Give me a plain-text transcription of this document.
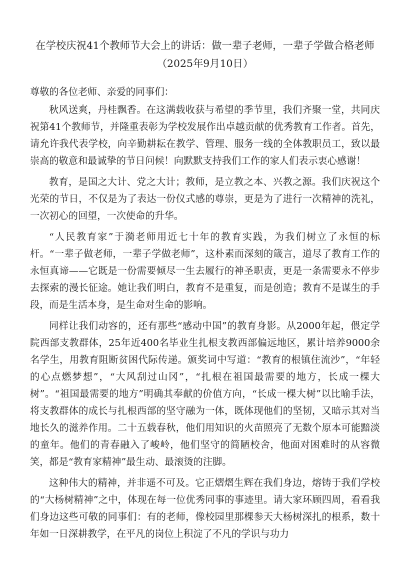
在学校庆祝41个教师节大会上的讲话：做一辈子老师，一辈子学做合格老师
（2025年9月10日）

尊敬的各位老师、亲爱的同事们：

秋风送爽，丹桂飘香。在这满载收获与希望的季节里，我们齐聚一堂，共同庆祝第41个教师节，并隆重表彰为学校发展作出卓越贡献的优秀教育工作者。首先，请允许我代表学校，向辛勤耕耘在教学、管理、服务一线的全体教职员工，致以最崇高的敬意和最诚挚的节日问候！向默默支持我们工作的家人们表示衷心感谢！

教育，是国之大计、党之大计；教师，是立教之本、兴教之源。我们庆祝这个光荣的节日，不仅是为了表达一份仪式感的尊崇，更是为了进行一次精神的洗礼，一次初心的回望，一次使命的升华。

“人民教育家”于漪老师用近七十年的教育实践，为我们树立了永恒的标杆。“一辈子做老师，一辈子学做老师”，这朴素而深刻的箴言，道尽了教育工作的永恒真谛——它既是一份需要倾尽一生去履行的神圣职责，更是一条需要永不停步去探索的漫长征途。她让我们明白，教育不是重复，而是创造；教育不是谋生的手段，而是生活本身，是生命对生命的影响。

同样让我们动容的，还有那些“感动中国”的教育身影。从2000年起，偎定学院西部支教群体，25年近400名毕业生扎根支教西部偏远地区，累计培养9000余名学生，用教育阻断贫困代际传递。颁奖词中写道：“教育的根镇住流沙”，“年轻的心点燃梦想”，“大风刮过山冈”，“扎根在祖国最需要的地方，长成一棵大树”。“祖国最需要的地方”明确其奉献的价值方向，“长成一棵大树”以比喻手法，将支教群体的成长与扎根西部的坚守融为一体，既体现他们的坚韧，又暗示其对当地长久的滋养作用。二十五载春秋，他们用知识的火苗照亮了无数个原本可能黯淡的童年。他们的青春融入了峻岭，他们坚守的简陋校舍，他面对困难时的从容微笑，都是“教育家精神”最生动、最滚烫的注脚。

这种伟大的精神，并非遥不可及。它正熠熠生辉在我们身边，熔铸于我们学校的“大杨树精神”之中，体现在每一位优秀同事的事迹里。请大家环顾四周，看看我们身边这些可敬的同事们：有的老师，像校园里那棵参天大杨树深扎的根系，数十年如一日深耕教学，在平凡的岗位上积淀了不凡的学识与功力
